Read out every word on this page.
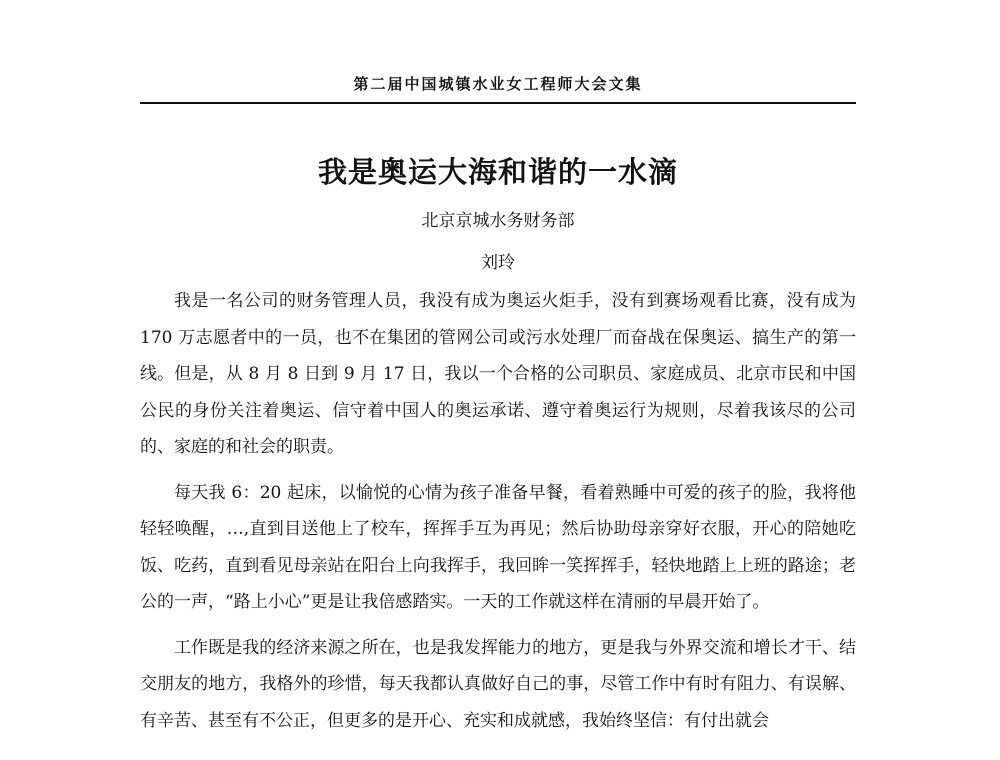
第二届中国城镇水业女工程师大会文集
我是奥运大海和谐的一水滴
北京京城水务财务部
刘玲

我是一名公司的财务管理人员，我没有成为奥运火炬手，没有到赛场观看比赛，没有成为 170 万志愿者中的一员，也不在集团的管网公司或污水处理厂而奋战在保奥运、搞生产的第一线。但是，从 8 月 8 日到 9 月 17 日，我以一个合格的公司职员、家庭成员、北京市民和中国公民的身份关注着奥运、信守着中国人的奥运承诺、遵守着奥运行为规则，尽着我该尽的公司的、家庭的和社会的职责。

每天我 6：20 起床，以愉悦的心情为孩子准备早餐，看着熟睡中可爱的孩子的脸，我将他轻轻唤醒，…,直到目送他上了校车，挥挥手互为再见；然后协助母亲穿好衣服，开心的陪她吃饭、吃药，直到看见母亲站在阳台上向我挥手，我回眸一笑挥挥手，轻快地踏上上班的路途；老公的一声，“路上小心”更是让我倍感踏实。一天的工作就这样在清丽的早晨开始了。

工作既是我的经济来源之所在，也是我发挥能力的地方，更是我与外界交流和增长才干、结交朋友的地方，我格外的珍惜，每天我都认真做好自己的事，尽管工作中有时有阻力、有误解、有辛苦、甚至有不公正，但更多的是开心、充实和成就感，我始终坚信：有付出就会
